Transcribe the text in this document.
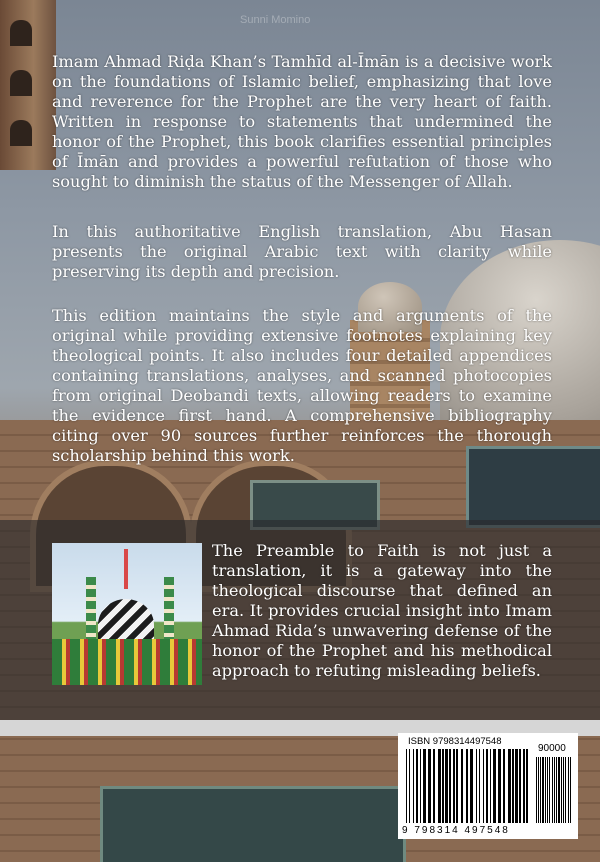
Sunni Momino

Imam Ahmad Riḍa Khan’s Tamhīd al-Īmān is a decisive work on the foundations of Islamic belief, emphasizing that love and reverence for the Prophet are the very heart of faith. Written in response to statements that undermined the honor of the Prophet, this book clarifies essential principles of Īmān and provides a powerful refutation of those who sought to diminish the status of the Messenger of Allah.

In this authoritative English translation, Abu Hasan presents the original Arabic text with clarity while preserving its depth and precision.

This edition maintains the style and arguments of the original while providing extensive footnotes explaining key theological points. It also includes four detailed appendices containing translations, analyses, and scanned photocopies from original Deobandi texts, allowing readers to examine the evidence first hand. A comprehensive bibliography citing over 90 sources further reinforces the thorough scholarship behind this work.

The Preamble to Faith is not just a translation, it is a gateway into the theological discourse that defined an era. It provides crucial insight into Imam Ahmad Rida’s unwavering defense of the honor of the Prophet and his methodical approach to refuting misleading beliefs.

ISBN 9798314497548
90000
9 798314 497548
